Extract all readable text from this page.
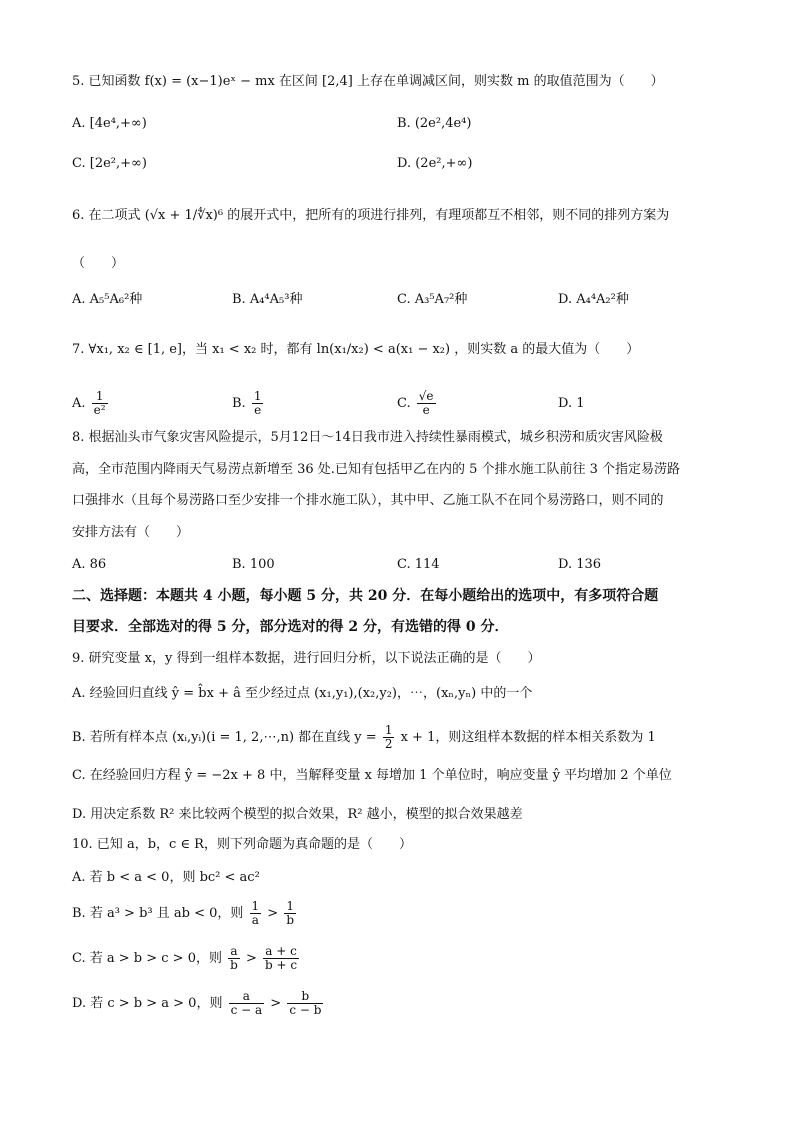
5. 已知函数 f(x) = (x−1)eˣ − mx 在区间 [2,4] 上存在单调减区间，则实数 m 的取值范围为（　　）
A. [4e⁴,+∞)	B. (2e²,4e⁴)
C. [2e²,+∞)	D. (2e²,+∞)
6. 在二项式 (√x + 1/∜x)⁶ 的展开式中，把所有的项进行排列，有理项都互不相邻，则不同的排列方案为
（　　）
A. A₅⁵A₆²种	B. A₄⁴A₅³种	C. A₃⁵A₇²种	D. A₄⁴A₂²种
7. ∀x₁, x₂ ∈ [1, e]，当 x₁ < x₂ 时，都有 ln(x₁/x₂) < a(x₁ − x₂) ，则实数 a 的最大值为（　　）
A. $\frac{1}{\text{e²}}$	B. $\frac{1}{e}$	C. $\frac{√e}{e}$	D. 1
8. 根据汕头市气象灾害风险提示，5月12日～14日我市进入持续性暴雨模式，城乡积涝和质灾害风险极
高，全市范围内降雨天气易涝点新增至 36 处.已知有包括甲乙在内的 5 个排水施工队前往 3 个指定易涝路
口强排水（且每个易涝路口至少安排一个排水施工队），其中甲、乙施工队不在同个易涝路口，则不同的
安排方法有（　　）
A. 86	B. 100	C. 114	D. 136
二、选择题：本题共 4 小题，每小题 5 分，共 20 分．在每小题给出的选项中，有多项符合题
目要求．全部选对的得 5 分，部分选对的得 2 分，有选错的得 0 分．
9. 研究变量 x，y 得到一组样本数据，进行回归分析，以下说法正确的是（　　）
A. 经验回归直线 ŷ = b̂x + â 至少经过点 (x₁,y₁),(x₂,y₂)，⋯，(xₙ,yₙ) 中的一个
B. 若所有样本点 (xᵢ,yᵢ)(i = 1, 2,⋯,n) 都在直线 $y = \frac{1}{2}$ x + 1，则这组样本数据的样本相关系数为 1
C. 在经验回归方程 ŷ = −2x + 8 中，当解释变量 x 每增加 1 个单位时，响应变量 ŷ 平均增加 2 个单位
D. 用决定系数 R² 来比较两个模型的拟合效果，R² 越小，模型的拟合效果越差
10. 已知 a，b，c ∈ R，则下列命题为真命题的是（　　）
A. 若 b < a < 0，则 bc² < ac²
B. 若 a³ > b³ 且 ab < 0，则 $\frac{1}{a} > \frac{1}{b}$
C. 若 a > b > c > 0，则 $\frac{a}{b} > \frac{a + c}{b + c}$
D. 若 c > b > a > 0，则 $\frac{a}{c - a} > \frac{b}{c - b}$
